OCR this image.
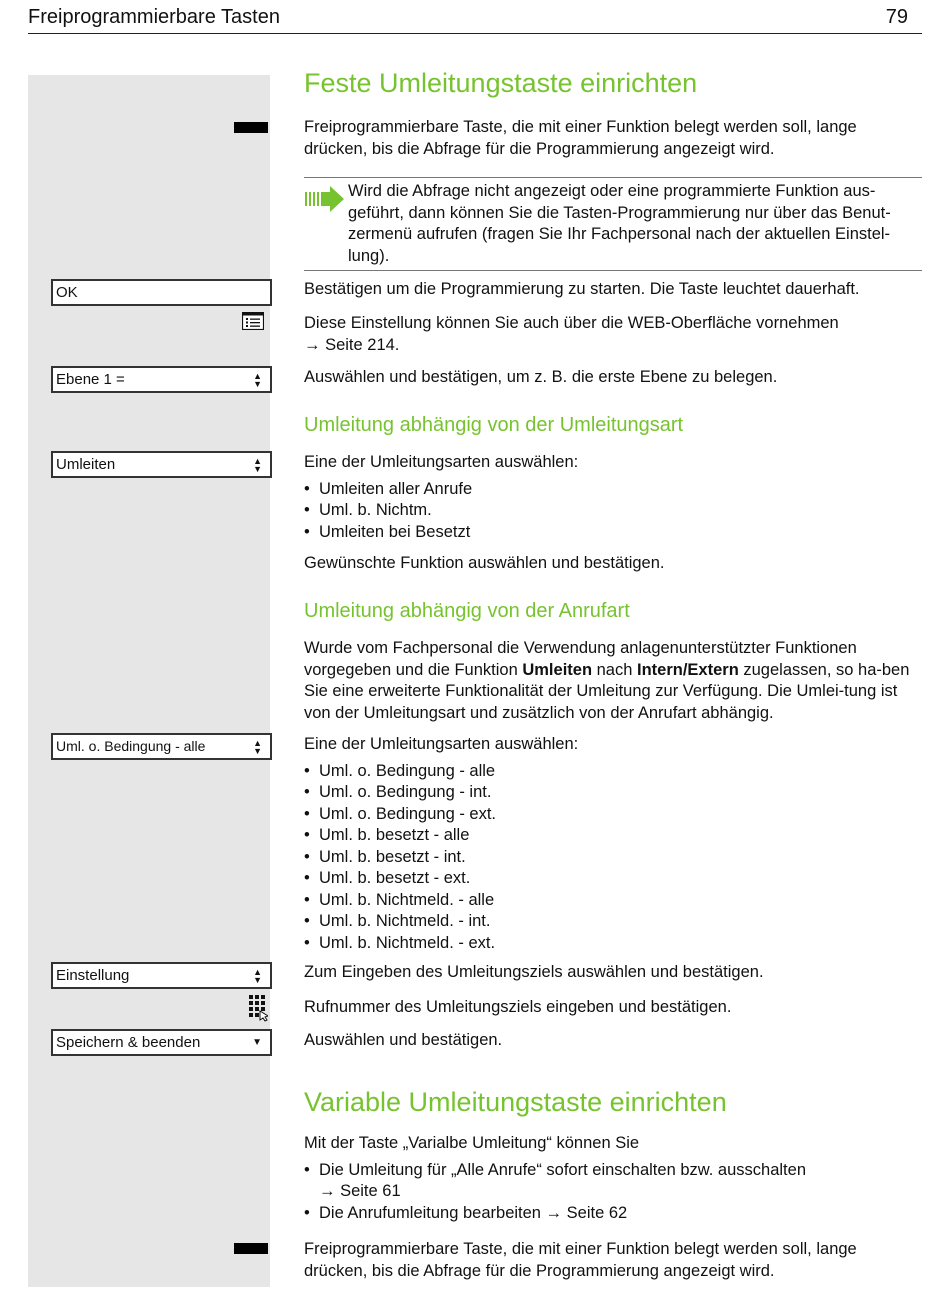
Freiprogrammierbare Tasten	79
OK
Ebene 1 =	▲
▼
Umleiten	▲
▼
Uml. o. Bedingung - alle	▲
▼
Einstellung	▲
▼
Speichern & beenden	▼
Feste Umleitungstaste einrichten
Freiprogrammierbare Taste, die mit einer Funktion belegt werden soll, lange drücken, bis die Abfrage für die Programmierung angezeigt wird.
Wird die Abfrage nicht angezeigt oder eine programmierte Funktion aus-geführt, dann können Sie die Tasten-Programmierung nur über das Benut-zermenü aufrufen (fragen Sie Ihr Fachpersonal nach der aktuellen Einstel-lung).
Bestätigen um die Programmierung zu starten. Die Taste leuchtet dauerhaft.
Diese Einstellung können Sie auch über die WEB-Oberfläche vornehmen
→ Seite 214.
Auswählen und bestätigen, um z. B. die erste Ebene zu belegen.
Umleitung abhängig von der Umleitungsart
Eine der Umleitungsarten auswählen:
• Umleiten aller Anrufe
• Uml. b. Nichtm.
• Umleiten bei Besetzt
Gewünschte Funktion auswählen und bestätigen.
Umleitung abhängig von der Anrufart
Wurde vom Fachpersonal die Verwendung anlagenunterstützter Funktionen vorgegeben und die Funktion Umleiten nach Intern/Extern zugelassen, so ha-ben Sie eine erweiterte Funktionalität der Umleitung zur Verfügung. Die Umlei-tung ist von der Umleitungsart und zusätzlich von der Anrufart abhängig.
Eine der Umleitungsarten auswählen:
• Uml. o. Bedingung - alle
• Uml. o. Bedingung - int.
• Uml. o. Bedingung - ext.
• Uml. b. besetzt - alle
• Uml. b. besetzt - int.
• Uml. b. besetzt - ext.
• Uml. b. Nichtmeld. - alle
• Uml. b. Nichtmeld. - int.
• Uml. b. Nichtmeld. - ext.
Zum Eingeben des Umleitungsziels auswählen und bestätigen.
Rufnummer des Umleitungsziels eingeben und bestätigen.
Auswählen und bestätigen.
Variable Umleitungstaste einrichten
Mit der Taste „Varialbe Umleitung“ können Sie
• Die Umleitung für „Alle Anrufe“ sofort einschalten bzw. ausschalten
→ Seite 61
• Die Anrufumleitung bearbeiten → Seite 62
Freiprogrammierbare Taste, die mit einer Funktion belegt werden soll, lange drücken, bis die Abfrage für die Programmierung angezeigt wird.
